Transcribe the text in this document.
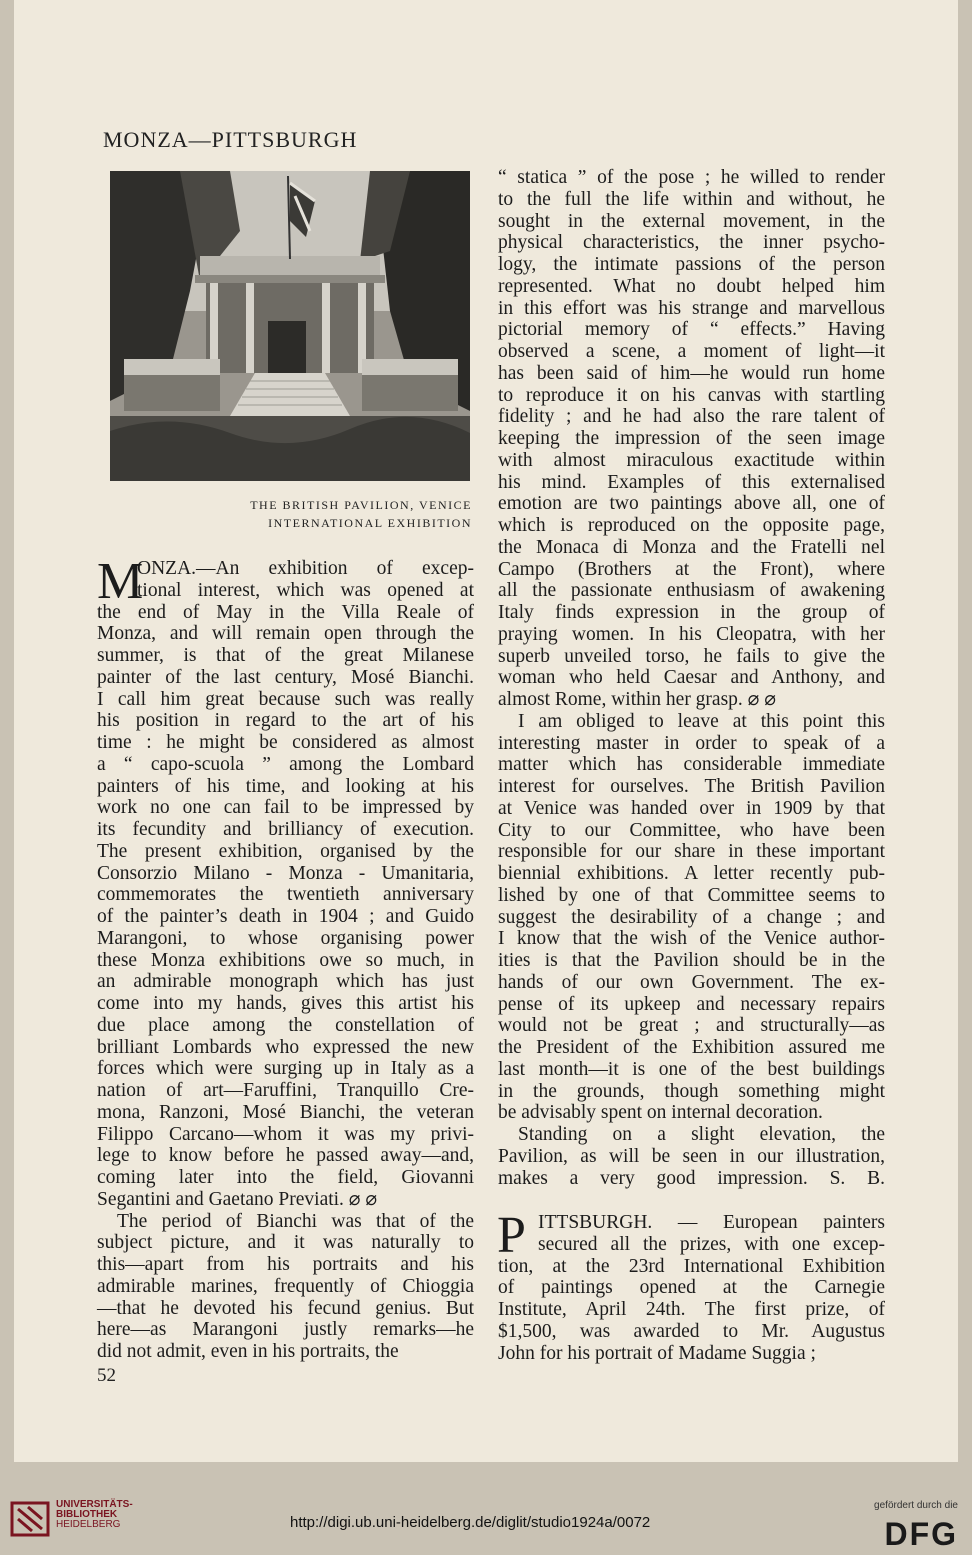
MONZA—PITTSBURGH
THE BRITISH PAVILION, VENICE
INTERNATIONAL EXHIBITION
M
ONZA.—An exhibition of excep-
tional interest, which was opened at
the end of May in the Villa Reale of
Monza, and will remain open through the
summer, is that of the great Milanese
painter of the last century, Mosé Bianchi.
I call him great because such was really
his position in regard to the art of his
time : he might be considered as almost
a “ capo-scuola ” among the Lombard
painters of his time, and looking at his
work no one can fail to be impressed by
its fecundity and brilliancy of execution.
The present exhibition, organised by the
Consorzio Milano - Monza - Umanitaria,
commemorates the twentieth anniversary
of the painter’s death in 1904 ; and Guido
Marangoni, to whose organising power
these Monza exhibitions owe so much, in
an admirable monograph which has just
come into my hands, gives this artist his
due place among the constellation of
brilliant Lombards who expressed the new
forces which were surging up in Italy as a
nation of art—Faruffini, Tranquillo Cre-
mona, Ranzoni, Mosé Bianchi, the veteran
Filippo Carcano—whom it was my privi-
lege to know before he passed away—and,
coming later into the field, Giovanni
Segantini and Gaetano Previati. ⌀ ⌀
The period of Bianchi was that of the
subject picture, and it was naturally to
this—apart from his portraits and his
admirable marines, frequently of Chioggia
—that he devoted his fecund genius. But
here—as Marangoni justly remarks—he
did not admit, even in his portraits, the
“ statica ” of the pose ; he willed to render
to the full the life within and without, he
sought in the external movement, in the
physical characteristics, the inner psycho-
logy, the intimate passions of the person
represented. What no doubt helped him
in this effort was his strange and marvellous
pictorial memory of “ effects.” Having
observed a scene, a moment of light—it
has been said of him—he would run home
to reproduce it on his canvas with startling
fidelity ; and he had also the rare talent of
keeping the impression of the seen image
with almost miraculous exactitude within
his mind. Examples of this externalised
emotion are two paintings above all, one of
which is reproduced on the opposite page,
the Monaca di Monza and the Fratelli nel
Campo (Brothers at the Front), where
all the passionate enthusiasm of awakening
Italy finds expression in the group of
praying women. In his Cleopatra, with her
superb unveiled torso, he fails to give the
woman who held Caesar and Anthony, and
almost Rome, within her grasp. ⌀ ⌀
I am obliged to leave at this point this
interesting master in order to speak of a
matter which has considerable immediate
interest for ourselves. The British Pavilion
at Venice was handed over in 1909 by that
City to our Committee, who have been
responsible for our share in these important
biennial exhibitions. A letter recently pub-
lished by one of that Committee seems to
suggest the desirability of a change ; and
I know that the wish of the Venice author-
ities is that the Pavilion should be in the
hands of our own Government. The ex-
pense of its upkeep and necessary repairs
would not be great ; and structurally—as
the President of the Exhibition assured me
last month—it is one of the best buildings
in the grounds, though something might
be advisably spent on internal decoration.
Standing on a slight elevation, the
Pavilion, as will be seen in our illustration,
makes a very good impression. S. B.
P ITTSBURGH. — European painters
secured all the prizes, with one excep-
tion, at the 23rd International Exhibition
of paintings opened at the Carnegie
Institute, April 24th. The first prize, of
$1,500, was awarded to Mr. Augustus
John for his portrait of Madame Suggia ;
52
UNIVERSITÄTS-
BIBLIOTHEK
HEIDELBERG	http://digi.ub.uni-heidelberg.de/diglit/studio1924a/0072
gefördert durch die
DFG
